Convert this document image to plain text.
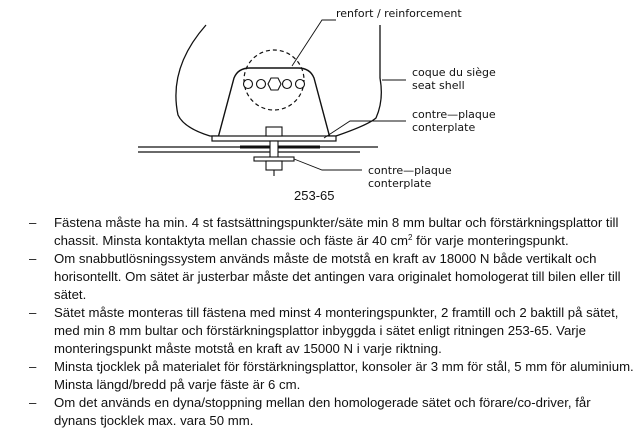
renfort / reinforcement
coque du siège
seat shell
contre—plaque
conterplate
contre—plaque
conterplate
253-65
– Fästena måste ha min. 4 st fastsättningspunkter/säte min 8 mm bultar och förstärkningsplattor till chassit. Minsta kontaktyta mellan chassie och fäste är 40 $cm^2$ för varje monteringspunkt.
– Om snabbutlösningssystem används måste de motstå en kraft av 18000 N både vertikalt och horisontellt. Om sätet är justerbar måste det antingen vara originalet homologerat till bilen eller till sätet.
– Sätet måste monteras till fästena med minst 4 monteringspunkter, 2 framtill och 2 baktill på sätet, med min 8 mm bultar och förstärkningsplattor inbyggda i sätet enligt ritningen 253-65. Varje monteringspunkt måste motstå en kraft av 15000 N i varje riktning.
– Minsta tjocklek på materialet för förstärkningsplattor, konsoler är 3 mm för stål, 5 mm för aluminium. Minsta längd/bredd på varje fäste är 6 cm.
– Om det används en dyna/stoppning mellan den homologerade sätet och förare/co-driver, får dynans tjocklek max. vara 50 mm.
